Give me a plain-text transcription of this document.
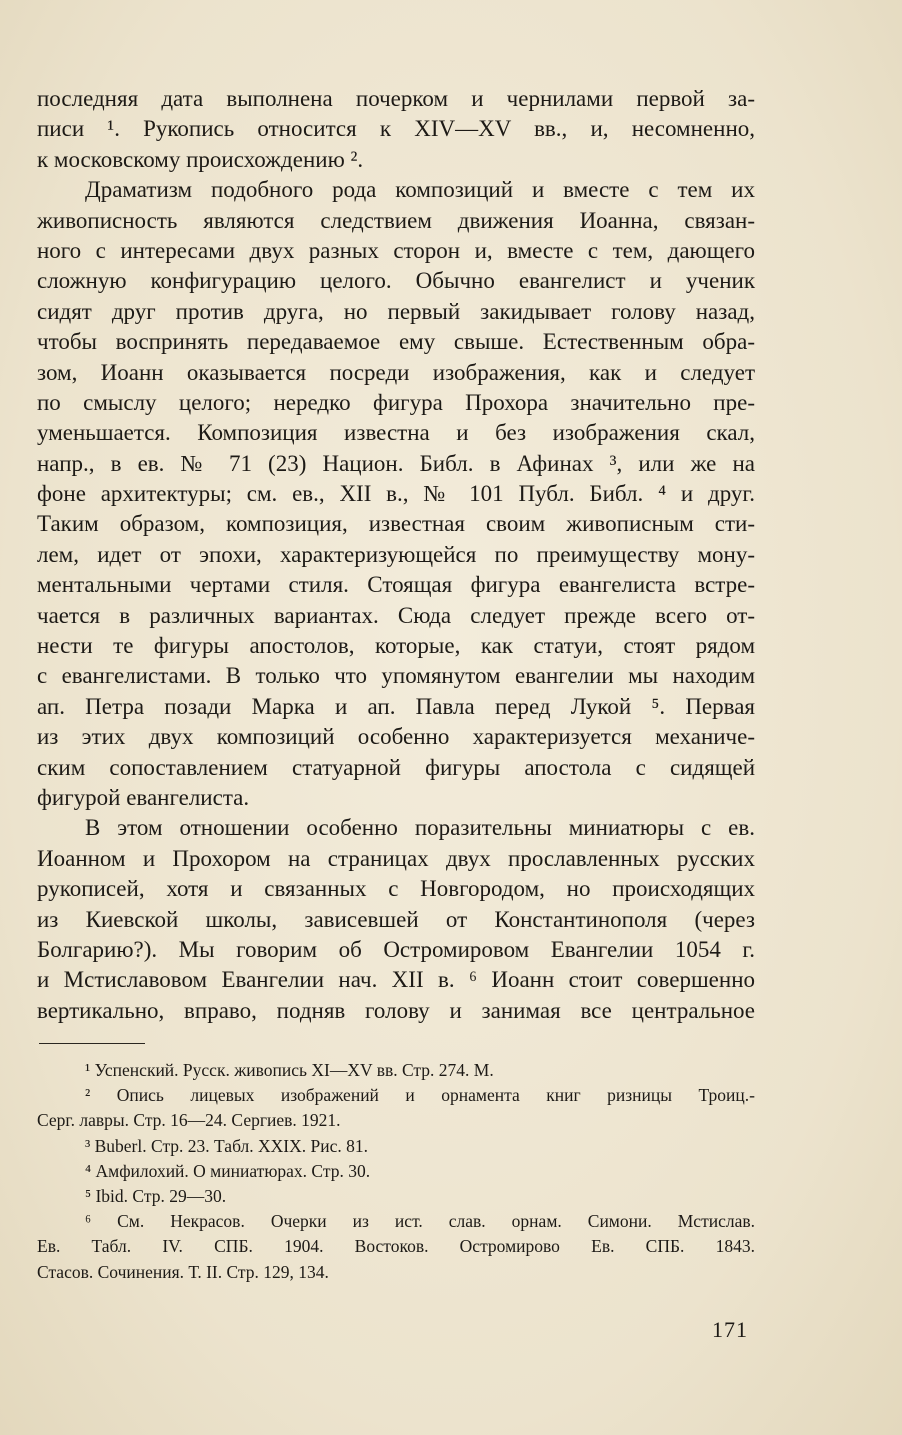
последняя дата выполнена почерком и чернилами первой за-
писи ¹. Рукопись относится к XIV—XV вв., и, несомненно,
к московскому происхождению ².
Драматизм подобного рода композиций и вместе с тем их
живописность являются следствием движения Иоанна, связан-
ного с интересами двух разных сторон и, вместе с тем, дающего
сложную конфигурацию целого. Обычно евангелист и ученик
сидят друг против друга, но первый закидывает голову назад,
чтобы воспринять передаваемое ему свыше. Естественным обра-
зом, Иоанн оказывается посреди изображения, как и следует
по смыслу целого; нередко фигура Прохора значительно пре-
уменьшается. Композиция известна и без изображения скал,
напр., в ев. № 71 (23) Национ. Библ. в Афинах ³, или же на
фоне архитектуры; см. ев., XII в., № 101 Публ. Библ. ⁴ и друг.
Таким образом, композиция, известная своим живописным сти-
лем, идет от эпохи, характеризующейся по преимуществу мону-
ментальными чертами стиля. Стоящая фигура евангелиста встре-
чается в различных вариантах. Сюда следует прежде всего от-
нести те фигуры апостолов, которые, как статуи, стоят рядом
с евангелистами. В только что упомянутом евангелии мы находим
ап. Петра позади Марка и ап. Павла перед Лукой ⁵. Первая
из этих двух композиций особенно характеризуется механиче-
ским сопоставлением статуарной фигуры апостола с сидящей
фигурой евангелиста.
В этом отношении особенно поразительны миниатюры с ев.
Иоанном и Прохором на страницах двух прославленных русских
рукописей, хотя и связанных с Новгородом, но происходящих
из Киевской школы, зависевшей от Константинополя (через
Болгарию?). Мы говорим об Остромировом Евангелии 1054 г.
и Мстиславовом Евангелии нач. XII в. ⁶ Иоанн стоит совершенно
вертикально, вправо, подняв голову и занимая все центральное
¹ Успенский. Русск. живопись XI—XV вв. Стр. 274. М.
² Опись лицевых изображений и орнамента книг ризницы Троиц.-
Серг. лавры. Стр. 16—24. Сергиев. 1921.
³ Buberl. Стр. 23. Табл. XXIX. Рис. 81.
⁴ Амфилохий. О миниатюрах. Стр. 30.
⁵ Ibid. Стр. 29—30.
⁶ См. Некрасов. Очерки из ист. слав. орнам. Симони. Мстислав.
Ев. Табл. IV. СПБ. 1904. Востоков. Остромирово Ев. СПБ. 1843.
Стасов. Сочинения. Т. II. Стр. 129, 134.
171
